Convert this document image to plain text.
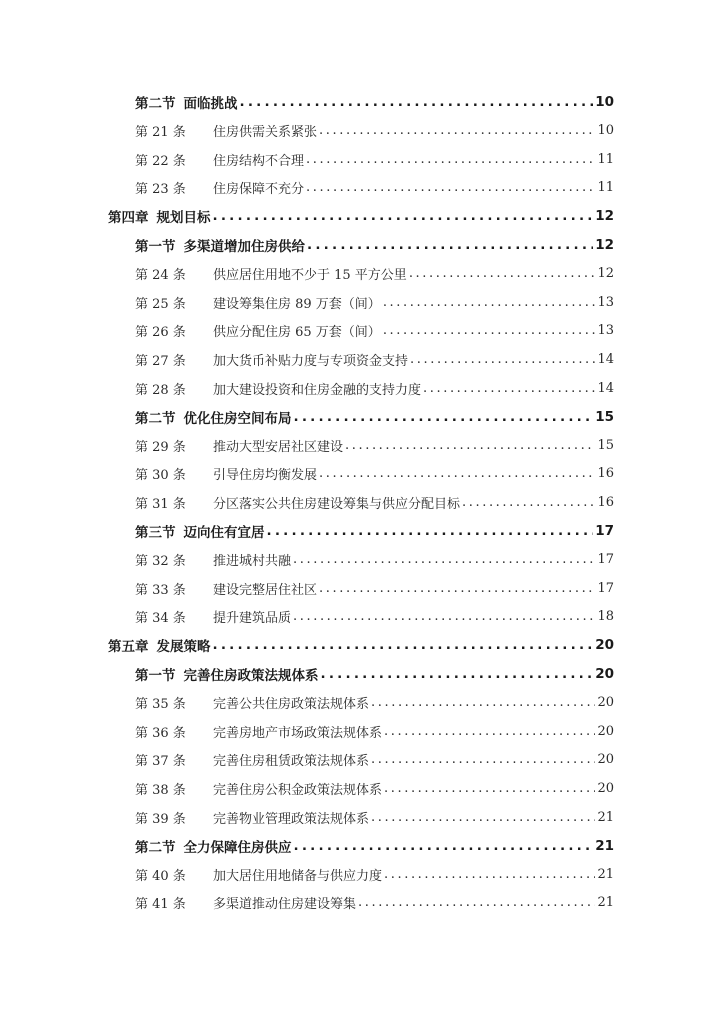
第二节 面临挑战 .....	10
第 21 条	住房供需关系紧张 .....	10
第 22 条	住房结构不合理 .....	11
第 23 条	住房保障不充分 .....	11
第四章 规划目标 .....	12
第一节 多渠道增加住房供给 .....	12
第 24 条	供应居住用地不少于 15 平方公里 .....	12
第 25 条	建设筹集住房 89 万套（间） .....	13
第 26 条	供应分配住房 65 万套（间） .....	13
第 27 条	加大货币补贴力度与专项资金支持 .....	14
第 28 条	加大建设投资和住房金融的支持力度 .....	14
第二节 优化住房空间布局 .....	15
第 29 条	推动大型安居社区建设 .....	15
第 30 条	引导住房均衡发展 .....	16
第 31 条	分区落实公共住房建设筹集与供应分配目标 .....	16
第三节 迈向住有宜居 .....	17
第 32 条	推进城村共融 .....	17
第 33 条	建设完整居住社区 .....	17
第 34 条	提升建筑品质 .....	18
第五章 发展策略 .....	20
第一节 完善住房政策法规体系 .....	20
第 35 条	完善公共住房政策法规体系 .....	20
第 36 条	完善房地产市场政策法规体系 .....	20
第 37 条	完善住房租赁政策法规体系 .....	20
第 38 条	完善住房公积金政策法规体系 .....	20
第 39 条	完善物业管理政策法规体系 .....	21
第二节 全力保障住房供应 .....	21
第 40 条	加大居住用地储备与供应力度 .....	21
第 41 条	多渠道推动住房建设筹集 .....	21
